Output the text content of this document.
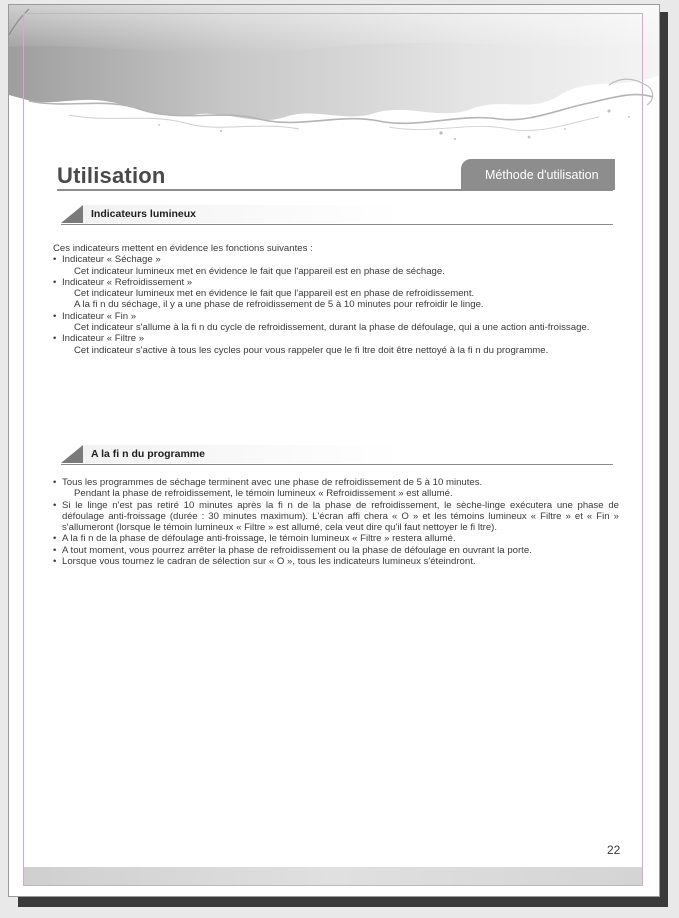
Utilisation	Méthode d'utilisation
Indicateurs lumineux

Ces indicateurs mettent en évidence les fonctions suivantes :

• Indicateur « Séchage »

Cet indicateur lumineux met en évidence le fait que l'appareil est en phase de séchage.

• Indicateur « Refroidissement »

Cet indicateur lumineux met en évidence le fait que l'appareil est en phase de refroidissement.

A la fi n du séchage, il y a une phase de refroidissement de 5 à 10 minutes pour refroidir le linge.

• Indicateur « Fin »

Cet indicateur s'allume à la fi n du cycle de refroidissement, durant la phase de défoulage, qui a une action anti-froissage.

• Indicateur « Filtre »

Cet indicateur s'active à tous les cycles pour vous rappeler que le fi ltre doit être nettoyé à la fi n du programme.

A la fi n du programme

• Tous les programmes de séchage terminent avec une phase de refroidissement de 5 à 10 minutes.

Pendant la phase de refroidissement, le témoin lumineux « Refroidissement » est allumé.

• Si le linge n'est pas retiré 10 minutes après la fi n de la phase de refroidissement, le sèche-linge exécutera une phase de défoulage anti-froissage (durée : 30 minutes maximum). L'écran affi chera « O » et les témoins lumineux « Filtre » et « Fin » s'allumeront (lorsque le témoin lumineux « Filtre » est allumé, cela veut dire qu'il faut nettoyer le fi ltre).

• A la fi n de la phase de défoulage anti-froissage, le témoin lumineux « Filtre » restera allumé.

• A tout moment, vous pourrez arrêter la phase de refroidissement ou la phase de défoulage en ouvrant la porte.

• Lorsque vous tournez le cadran de sélection sur « O », tous les indicateurs lumineux s'éteindront.

22
